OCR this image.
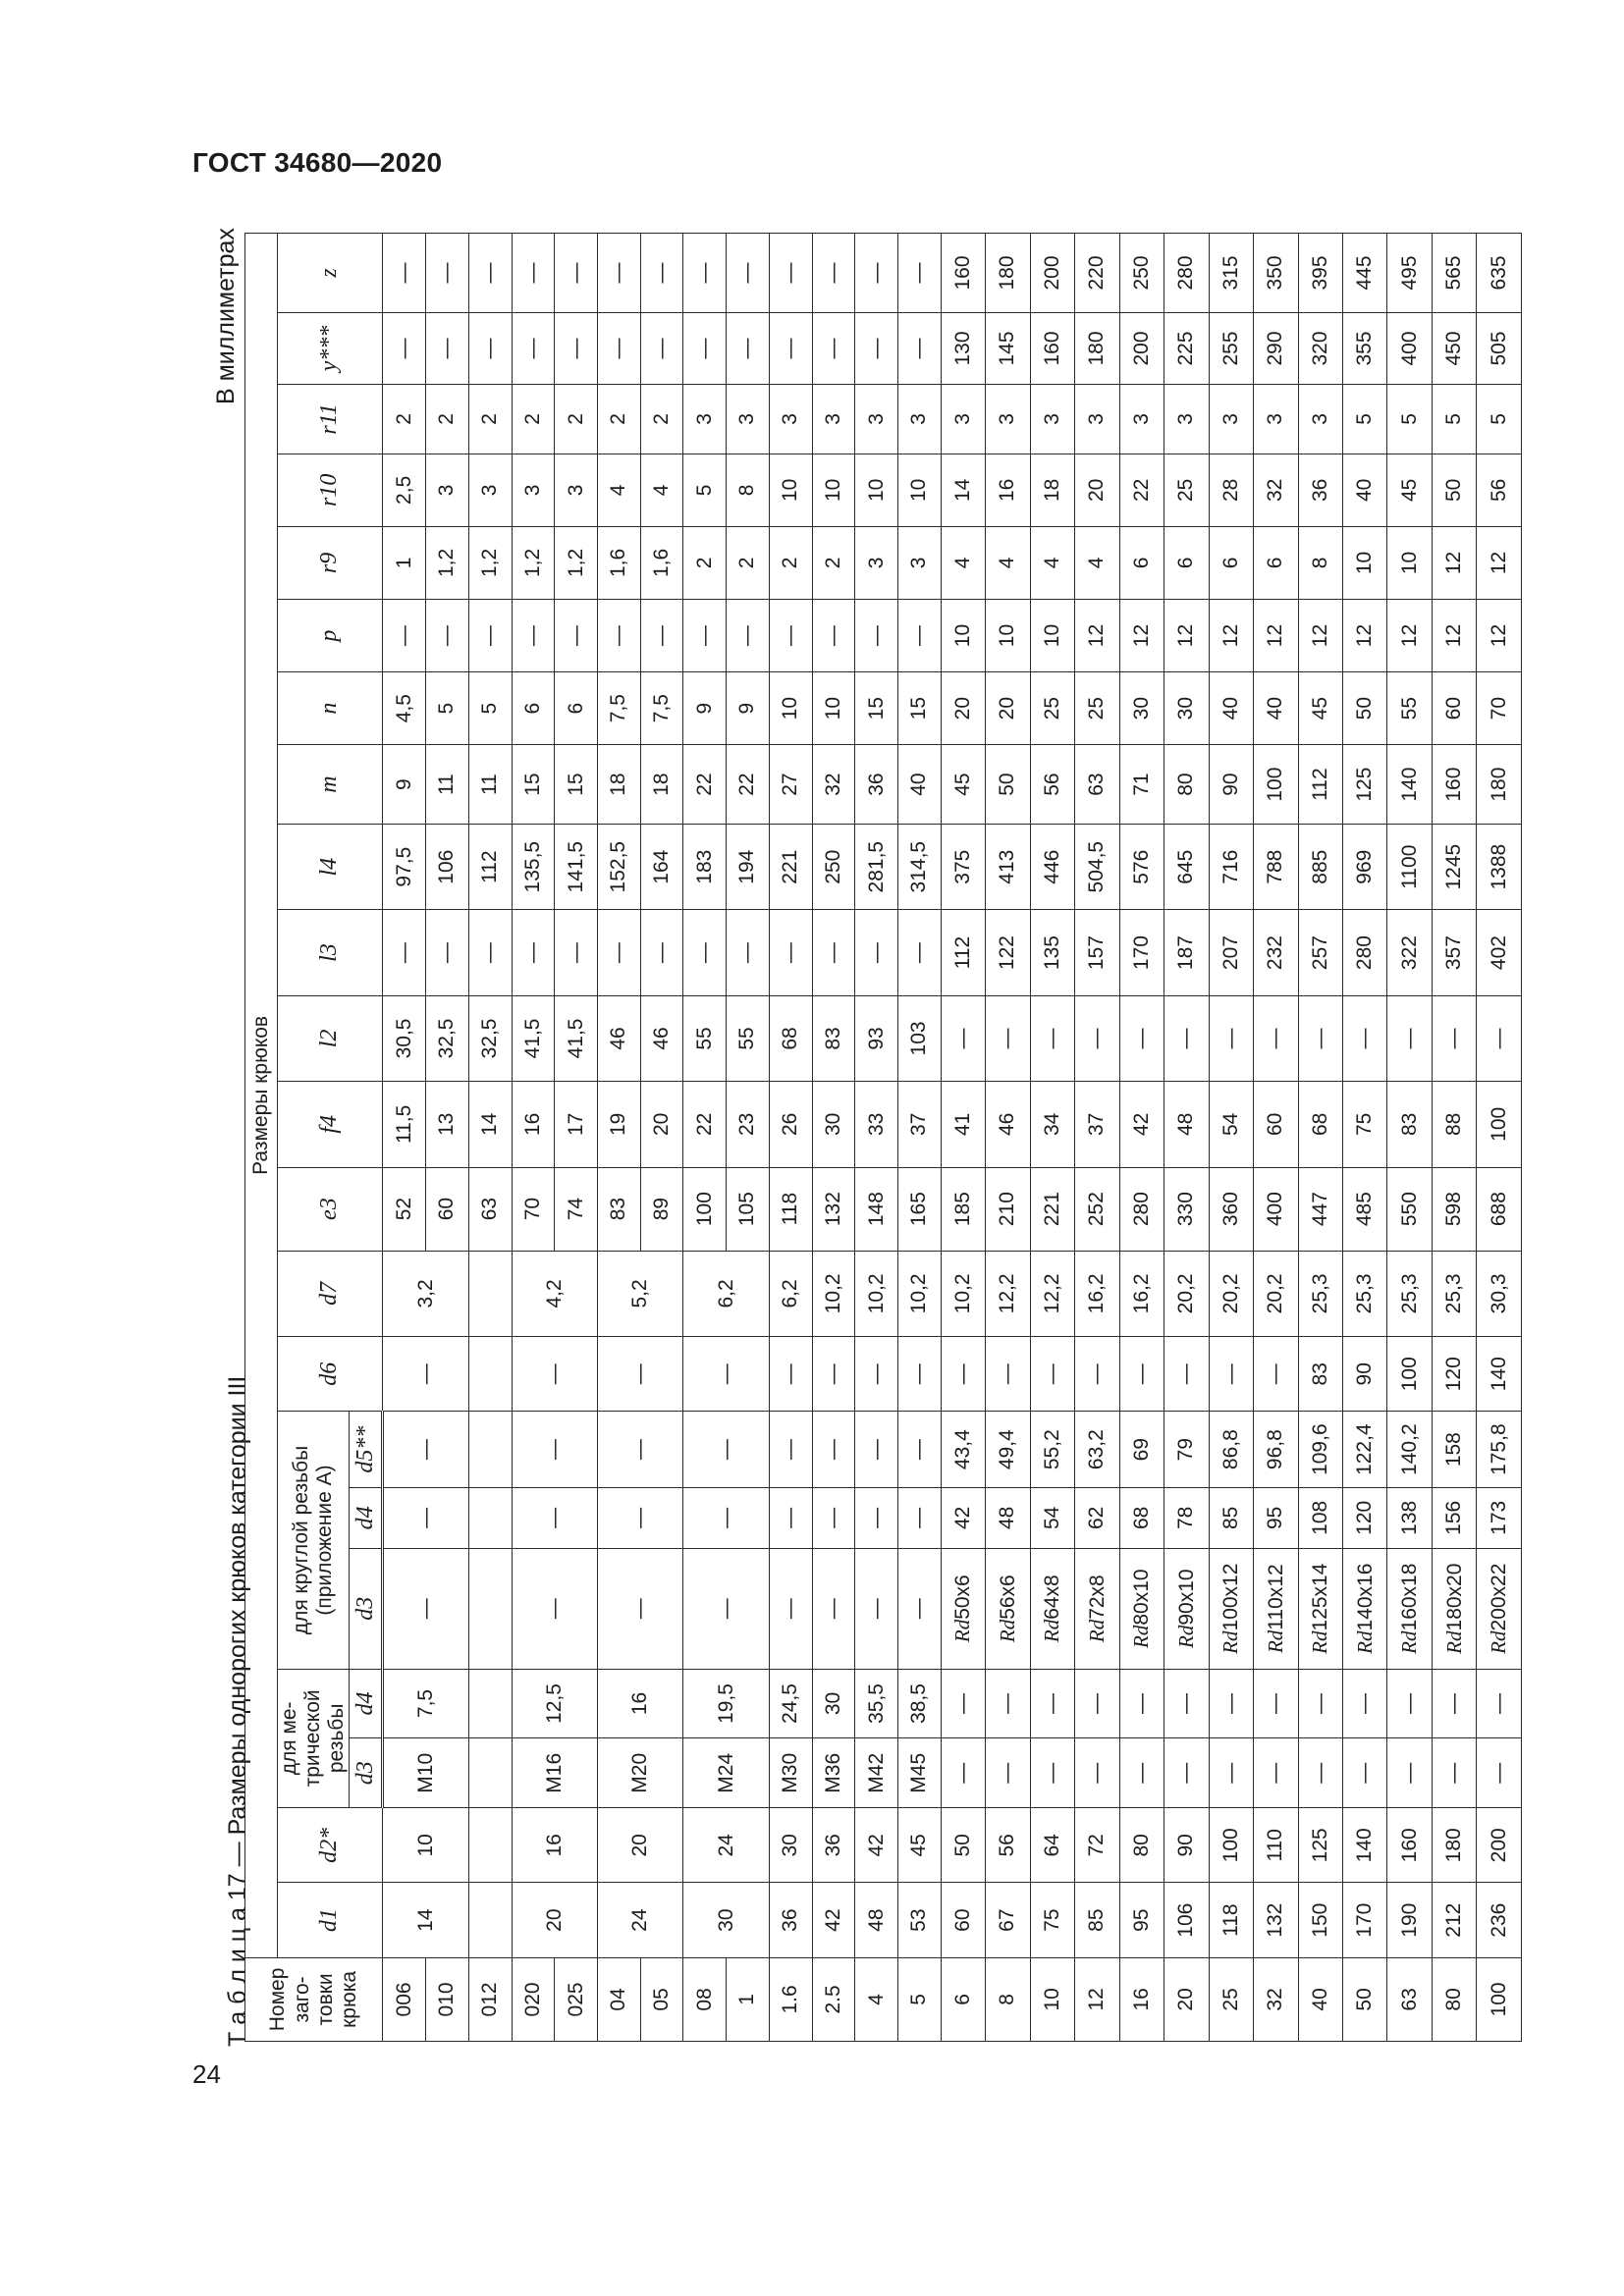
ГОСТ 34680—2020
24
Т а б л и ц а 17 — Размеры однорогих крюков категории III
В миллиметрах
Номер заго-товки крюка	Размеры крюков																					
	d1	d2*	для ме-трической резьбы		для круглой резьбы (приложение А)			d6	d7	e3	f4	l2	l3	l4	m	n	p	r9	r10	r11	y***	z
			d3	d4	d3	d4	d5**															
006	14	10	M10	7,5	—	—	—	—	3,2	52	11,5	30,5	—	97,5	9	4,5	—	1	2,5	2	—	—
010										60	13	32,5	—	106	11	5	—	1,2	3	2	—	—
012										63	14	32,5	—	112	11	5	—	1,2	3	2	—	—
020	20	16	M16	12,5	—	—	—	—	4,2	70	16	41,5	—	135,5	15	6	—	1,2	3	2	—	—
025										74	17	41,5	—	141,5	15	6	—	1,2	3	2	—	—
04	24	20	M20	16	—	—	—	—	5,2	83	19	46	—	152,5	18	7,5	—	1,6	4	2	—	—
05										89	20	46	—	164	18	7,5	—	1,6	4	2	—	—
08	30	24	M24	19,5	—	—	—	—	6,2	100	22	55	—	183	22	9	—	2	5	3	—	—
1										105	23	55	—	194	22	9	—	2	8	3	—	—
1.6	36	30	M30	24,5	—	—	—	—	6,2	118	26	68	—	221	27	10	—	2	10	3	—	—
2.5	42	36	M36	30	—	—	—	—	10,2	132	30	83	—	250	32	10	—	2	10	3	—	—
4	48	42	M42	35,5	—	—	—	—	10,2	148	33	93	—	281,5	36	15	—	3	10	3	—	—
5	53	45	M45	38,5	—	—	—	—	10,2	165	37	103	—	314,5	40	15	—	3	10	3	—	—
6	60	50	—	—	Rd50x6	42	43,4	—	10,2	185	41	—	112	375	45	20	10	4	14	3	130	160
8	67	56	—	—	Rd56x6	48	49,4	—	12,2	210	46	—	122	413	50	20	10	4	16	3	145	180
10	75	64	—	—	Rd64x8	54	55,2	—	12,2	221	34	—	135	446	56	25	10	4	18	3	160	200
12	85	72	—	—	Rd72x8	62	63,2	—	16,2	252	37	—	157	504,5	63	25	12	4	20	3	180	220
16	95	80	—	—	Rd80x10	68	69	—	16,2	280	42	—	170	576	71	30	12	6	22	3	200	250
20	106	90	—	—	Rd90x10	78	79	—	20,2	330	48	—	187	645	80	30	12	6	25	3	225	280
25	118	100	—	—	Rd100x12	85	86,8	—	20,2	360	54	—	207	716	90	40	12	6	28	3	255	315
32	132	110	—	—	Rd110x12	95	96,8	—	20,2	400	60	—	232	788	100	40	12	6	32	3	290	350
40	150	125	—	—	Rd125x14	108	109,6	83	25,3	447	68	—	257	885	112	45	12	8	36	3	320	395
50	170	140	—	—	Rd140x16	120	122,4	90	25,3	485	75	—	280	969	125	50	12	10	40	5	355	445
63	190	160	—	—	Rd160x18	138	140,2	100	25,3	550	83	—	322	1100	140	55	12	10	45	5	400	495
80	212	180	—	—	Rd180x20	156	158	120	25,3	598	88	—	357	1245	160	60	12	12	50	5	450	565
100	236	200	—	—	Rd200x22	173	175,8	140	30,3	688	100	—	402	1388	180	70	12	12	56	5	505	635
